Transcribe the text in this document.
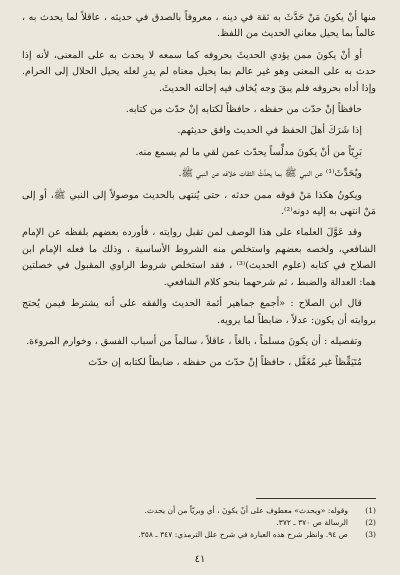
منها أنْ يكونَ مَنْ حَدَّثَ به ثقة في دينه ، معروفاً بالصدق في حديثه ، عاقلاً لما يحدث به ، عالماً بما يحيل معاني الحديث من اللفظ.

أو أنْ يكونَ ممن يؤدي الحديثَ بحروفه كما سمعه لا يحدث به على المعنى، لأنه إذا حدث به على المعنى وهو غير عالم بما يحيل معناه لم يدرِ لعله يحيل الحلال إلى الحرام. وإذا أداه بحروفه فلم يبقَ وجه يُخاف فيه إحالته الحديثَ.

حافظاً إنْ حدّث من حفظه ، حافظاً لكتابه إنْ حدّث من كتابه.

إذا شَرَكَ أهلَ الحفظ في الحديث وافق حديثهم.

بَرِيّاً من أنْ يكونَ مدلِّساً يحدّث عمن لقي ما لم يسمع منه.

ويُحَدِّثَ⁽¹⁾ عن النبي ﷺ بما يحدِّثُ الثقات خلافه عن النبي ﷺ.

ويكونُ هكذا مَنْ فوقه ممن حدثه ، حتى يُنتهى بالحديث موصولاً إلى النبي ﷺ، أو إلى مَنْ انتهى به إليه دونه⁽²⁾.

وقد عَوَّلَ العلماء على هذا الوصف لمن تقبل روايته ، فأورده بعضهم بلفظه عن الإمام الشافعي، ولخصه بعضهم واستخلص منه الشروط الأساسية ، وذلك ما فعله الإمام ابن الصلاح في كتابه (علوم الحديث)⁽³⁾ ، فقد استخلص شروط الراوي المقبول في خصلتين هما: العدالة والضبط ، ثم شرحهما بنحو كلام الشافعي.

قال ابن الصلاح : «أجمع جماهير أئمة الحديث والفقه على أنه يشترط فيمن يُحتج بروايته أن يكون: عدلاً ، ضابطاً لما يرويه.

وتفصيله : أن يكونَ مسلماً ، بالغاً ، عاقلاً ، سالماً من أسباب الفسق ، وخوارم المروءة.

مُتَيَقِّظاً غير مُغَفَّل ، حافظاً إنْ حدّث من حفظه ، ضابطاً لكتابه إن حدّث

(1)
وقوله: «ويحدث» معطوف على أنْ يكونَ ، أي وبريّاً من أن يحدث.
(2)
الرسالة ص ٣٧٠ ـ ٣٧٢.
(3)
ص ٩٤. وانظر شرح هذه العبارة في شرح علل الترمذي: ٣٤٧ ـ ٣٥٨.
٤١
